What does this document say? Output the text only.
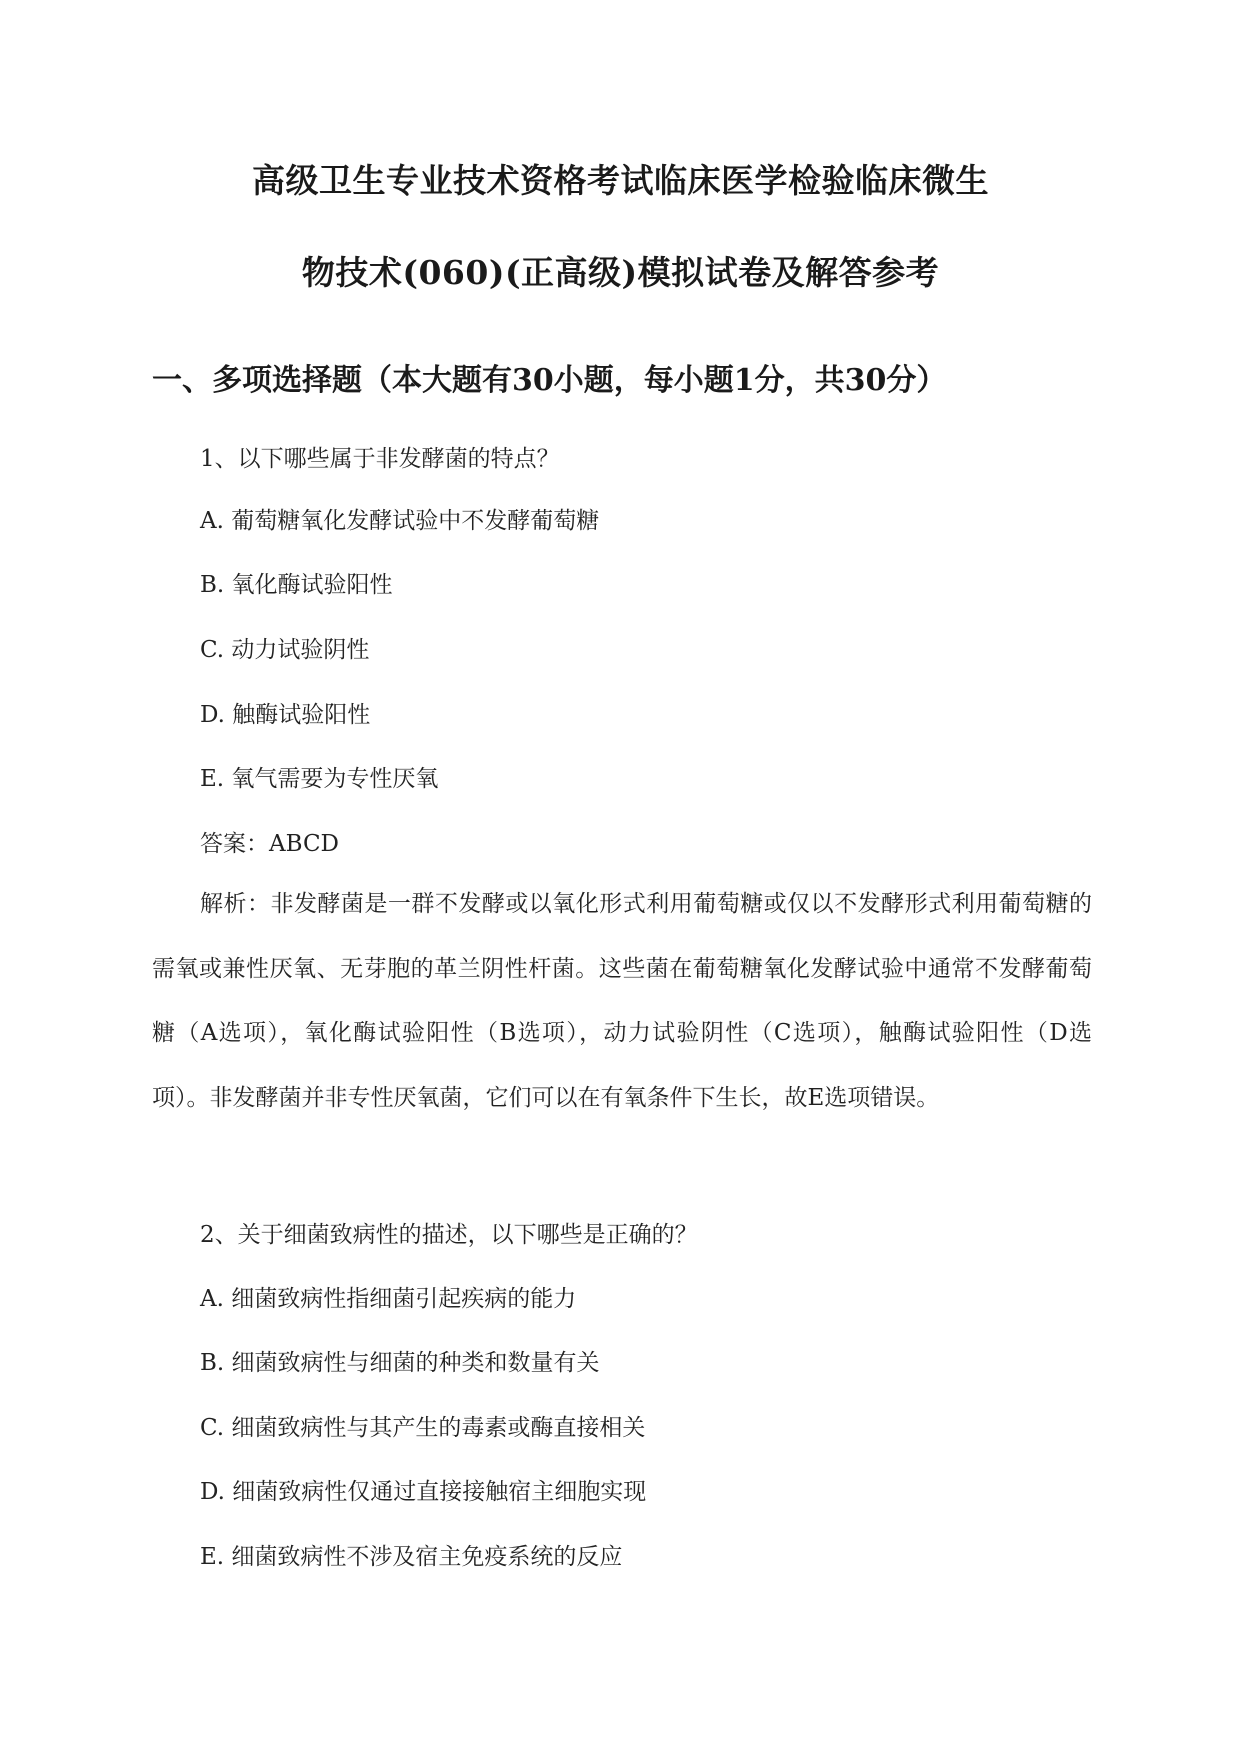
高级卫生专业技术资格考试临床医学检验临床微生
物技术(060)(正高级)模拟试卷及解答参考
一、多项选择题（本大题有30小题，每小题1分，共30分）
1、以下哪些属于非发酵菌的特点？
A. 葡萄糖氧化发酵试验中不发酵葡萄糖
B. 氧化酶试验阳性
C. 动力试验阴性
D. 触酶试验阳性
E. 氧气需要为专性厌氧
答案：ABCD
解析：非发酵菌是一群不发酵或以氧化形式利用葡萄糖或仅以不发酵形式利用葡萄糖的需氧或兼性厌氧、无芽胞的革兰阴性杆菌。这些菌在葡萄糖氧化发酵试验中通常不发酵葡萄糖（A选项），氧化酶试验阳性（B选项），动力试验阴性（C选项），触酶试验阳性（D选项）。非发酵菌并非专性厌氧菌，它们可以在有氧条件下生长，故E选项错误。
2、关于细菌致病性的描述，以下哪些是正确的？
A. 细菌致病性指细菌引起疾病的能力
B. 细菌致病性与细菌的种类和数量有关
C. 细菌致病性与其产生的毒素或酶直接相关
D. 细菌致病性仅通过直接接触宿主细胞实现
E. 细菌致病性不涉及宿主免疫系统的反应
